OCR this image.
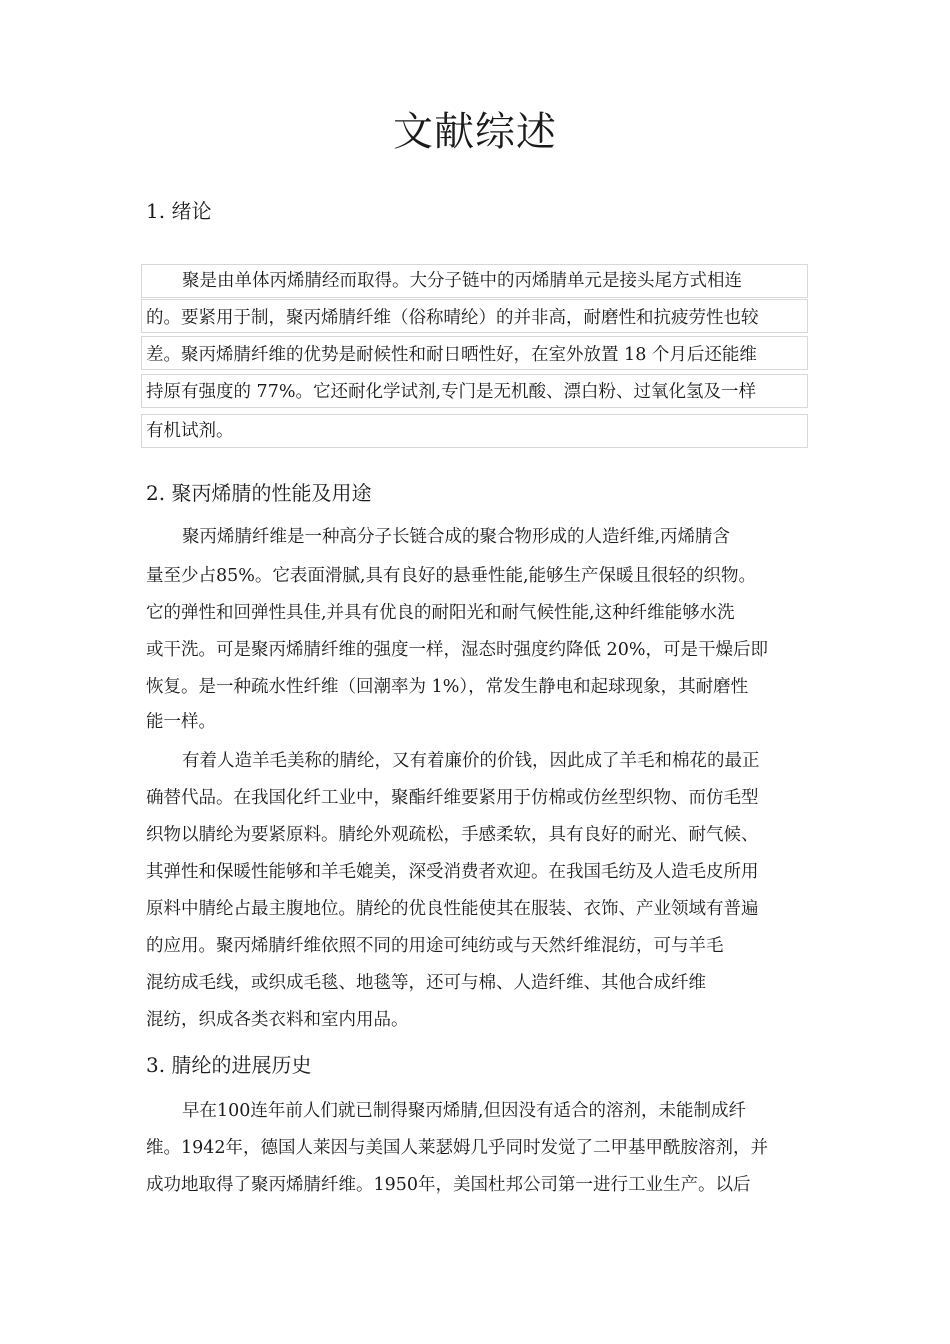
文献综述
1. 绪论
聚是由单体丙烯腈经而取得。大分子链中的丙烯腈单元是接头尾方式相连
的。要紧用于制，聚丙烯腈纤维（俗称晴纶）的并非高，耐磨性和抗疲劳性也较
差。聚丙烯腈纤维的优势是耐候性和耐日晒性好，在室外放置 18 个月后还能维
持原有强度的 77%。它还耐化学试剂,专门是无机酸、漂白粉、过氧化氢及一样
有机试剂。
2. 聚丙烯腈的性能及用途
聚丙烯腈纤维是一种高分子长链合成的聚合物形成的人造纤维,丙烯腈含
量至少占85%。它表面滑腻,具有良好的悬垂性能,能够生产保暖且很轻的织物。
它的弹性和回弹性具佳,并具有优良的耐阳光和耐气候性能,这种纤维能够水洗
或干洗。可是聚丙烯腈纤维的强度一样，湿态时强度约降低 20%，可是干燥后即
恢复。是一种疏水性纤维（回潮率为 1%），常发生静电和起球现象，其耐磨性
能一样。
有着人造羊毛美称的腈纶，又有着廉价的价钱，因此成了羊毛和棉花的最正
确替代品。在我国化纤工业中，聚酯纤维要紧用于仿棉或仿丝型织物、而仿毛型
织物以腈纶为要紧原料。腈纶外观疏松，手感柔软，具有良好的耐光、耐气候、
其弹性和保暖性能够和羊毛媲美，深受消费者欢迎。在我国毛纺及人造毛皮所用
原料中腈纶占最主腹地位。腈纶的优良性能使其在服装、衣饰、产业领域有普遍
的应用。聚丙烯腈纤维依照不同的用途可纯纺或与天然纤维混纺，可与羊毛
混纺成毛线，或织成毛毯、地毯等，还可与棉、人造纤维、其他合成纤维
混纺，织成各类衣料和室内用品。
3. 腈纶的进展历史
早在100连年前人们就已制得聚丙烯腈,但因没有适合的溶剂，未能制成纤
维。1942年，德国人莱因与美国人莱瑟姆几乎同时发觉了二甲基甲酰胺溶剂，并
成功地取得了聚丙烯腈纤维。1950年，美国杜邦公司第一进行工业生产。以后
